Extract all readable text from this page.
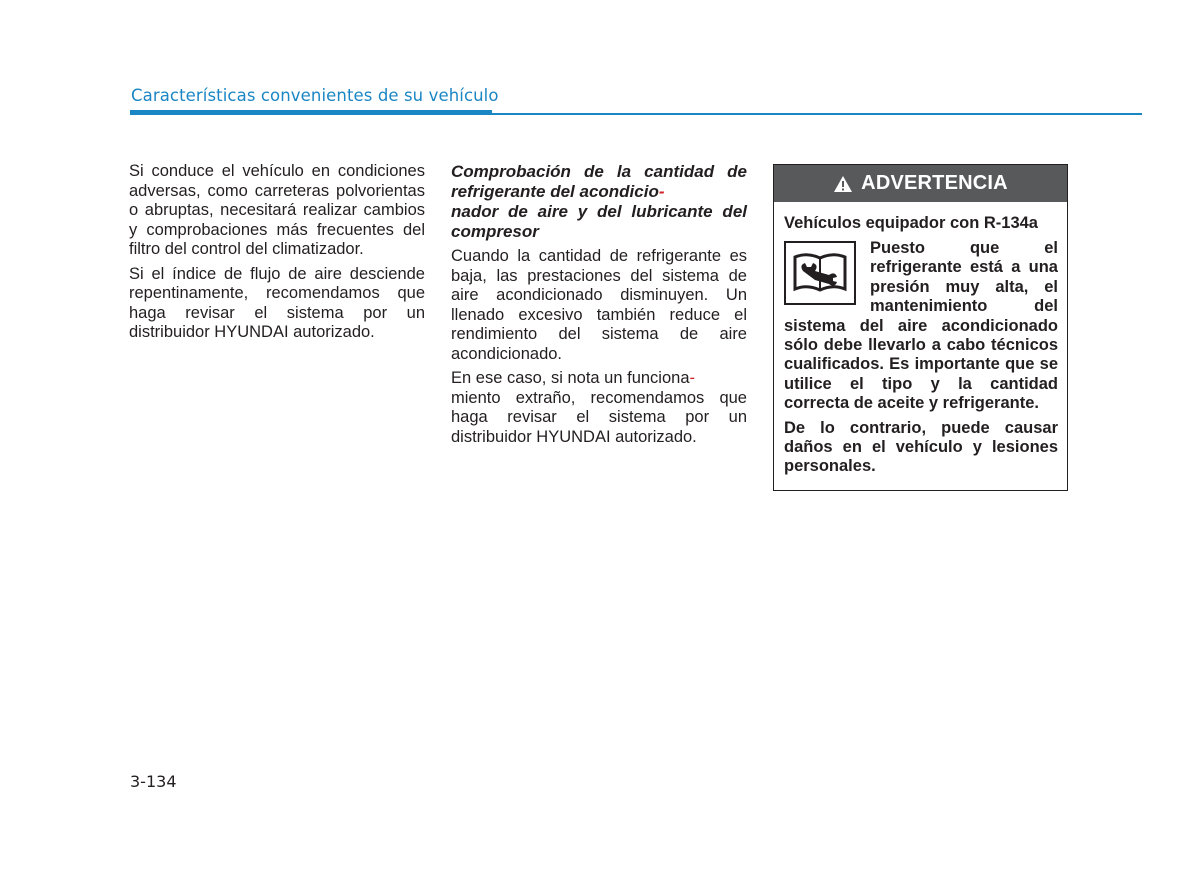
Características convenientes de su vehículo

Si conduce el vehículo en condiciones adversas, como carreteras polvorientas o abruptas, necesitará realizar cambios y comprobaciones más frecuentes del filtro del control del climatizador.

Si el índice de flujo de aire desciende repentinamente, recomendamos que haga revisar el sistema por un distribuidor HYUNDAI autorizado.

Comprobación de la cantidad de refrigerante del acondicio-
nador de aire y del lubricante del compresor

Cuando la cantidad de refrigerante es baja, las prestaciones del sistema de aire acondicionado disminuyen. Un llenado excesivo también reduce el rendimiento del sistema de aire acondicionado.

En ese caso, si nota un funciona-
miento extraño, recomendamos que haga revisar el sistema por un distribuidor HYUNDAI autorizado.

ADVERTENCIA
Vehículos equipador con R-134a

Puesto que el refrigerante está a una presión muy alta, el mantenimiento del sistema del aire acondicionado sólo debe llevarlo a cabo técnicos cualificados. Es importante que se utilice el tipo y la cantidad correcta de aceite y refrigerante.

De lo contrario, puede causar daños en el vehículo y lesiones personales.

3-134
